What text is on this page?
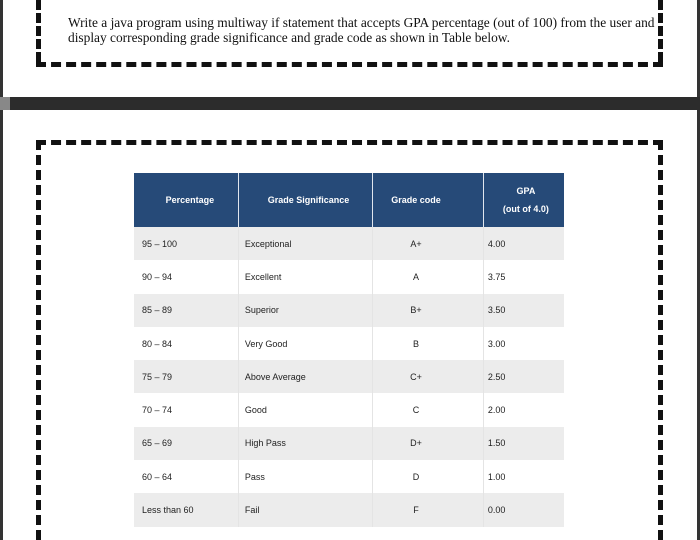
Write a java program using multiway if statement that accepts GPA percentage (out of 100) from the user and display corresponding grade significance and grade code as shown in Table below.

Percentage	Grade Significance	Grade code	GPA
(out of 4.0)
95 – 100	Exceptional	A+	4.00
90 – 94	Excellent	A	3.75
85 – 89	Superior	B+	3.50
80 – 84	Very Good	B	3.00
75 – 79	Above Average	C+	2.50
70 – 74	Good	C	2.00
65 – 69	High Pass	D+	1.50
60 – 64	Pass	D	1.00
Less than 60	Fail	F	0.00
